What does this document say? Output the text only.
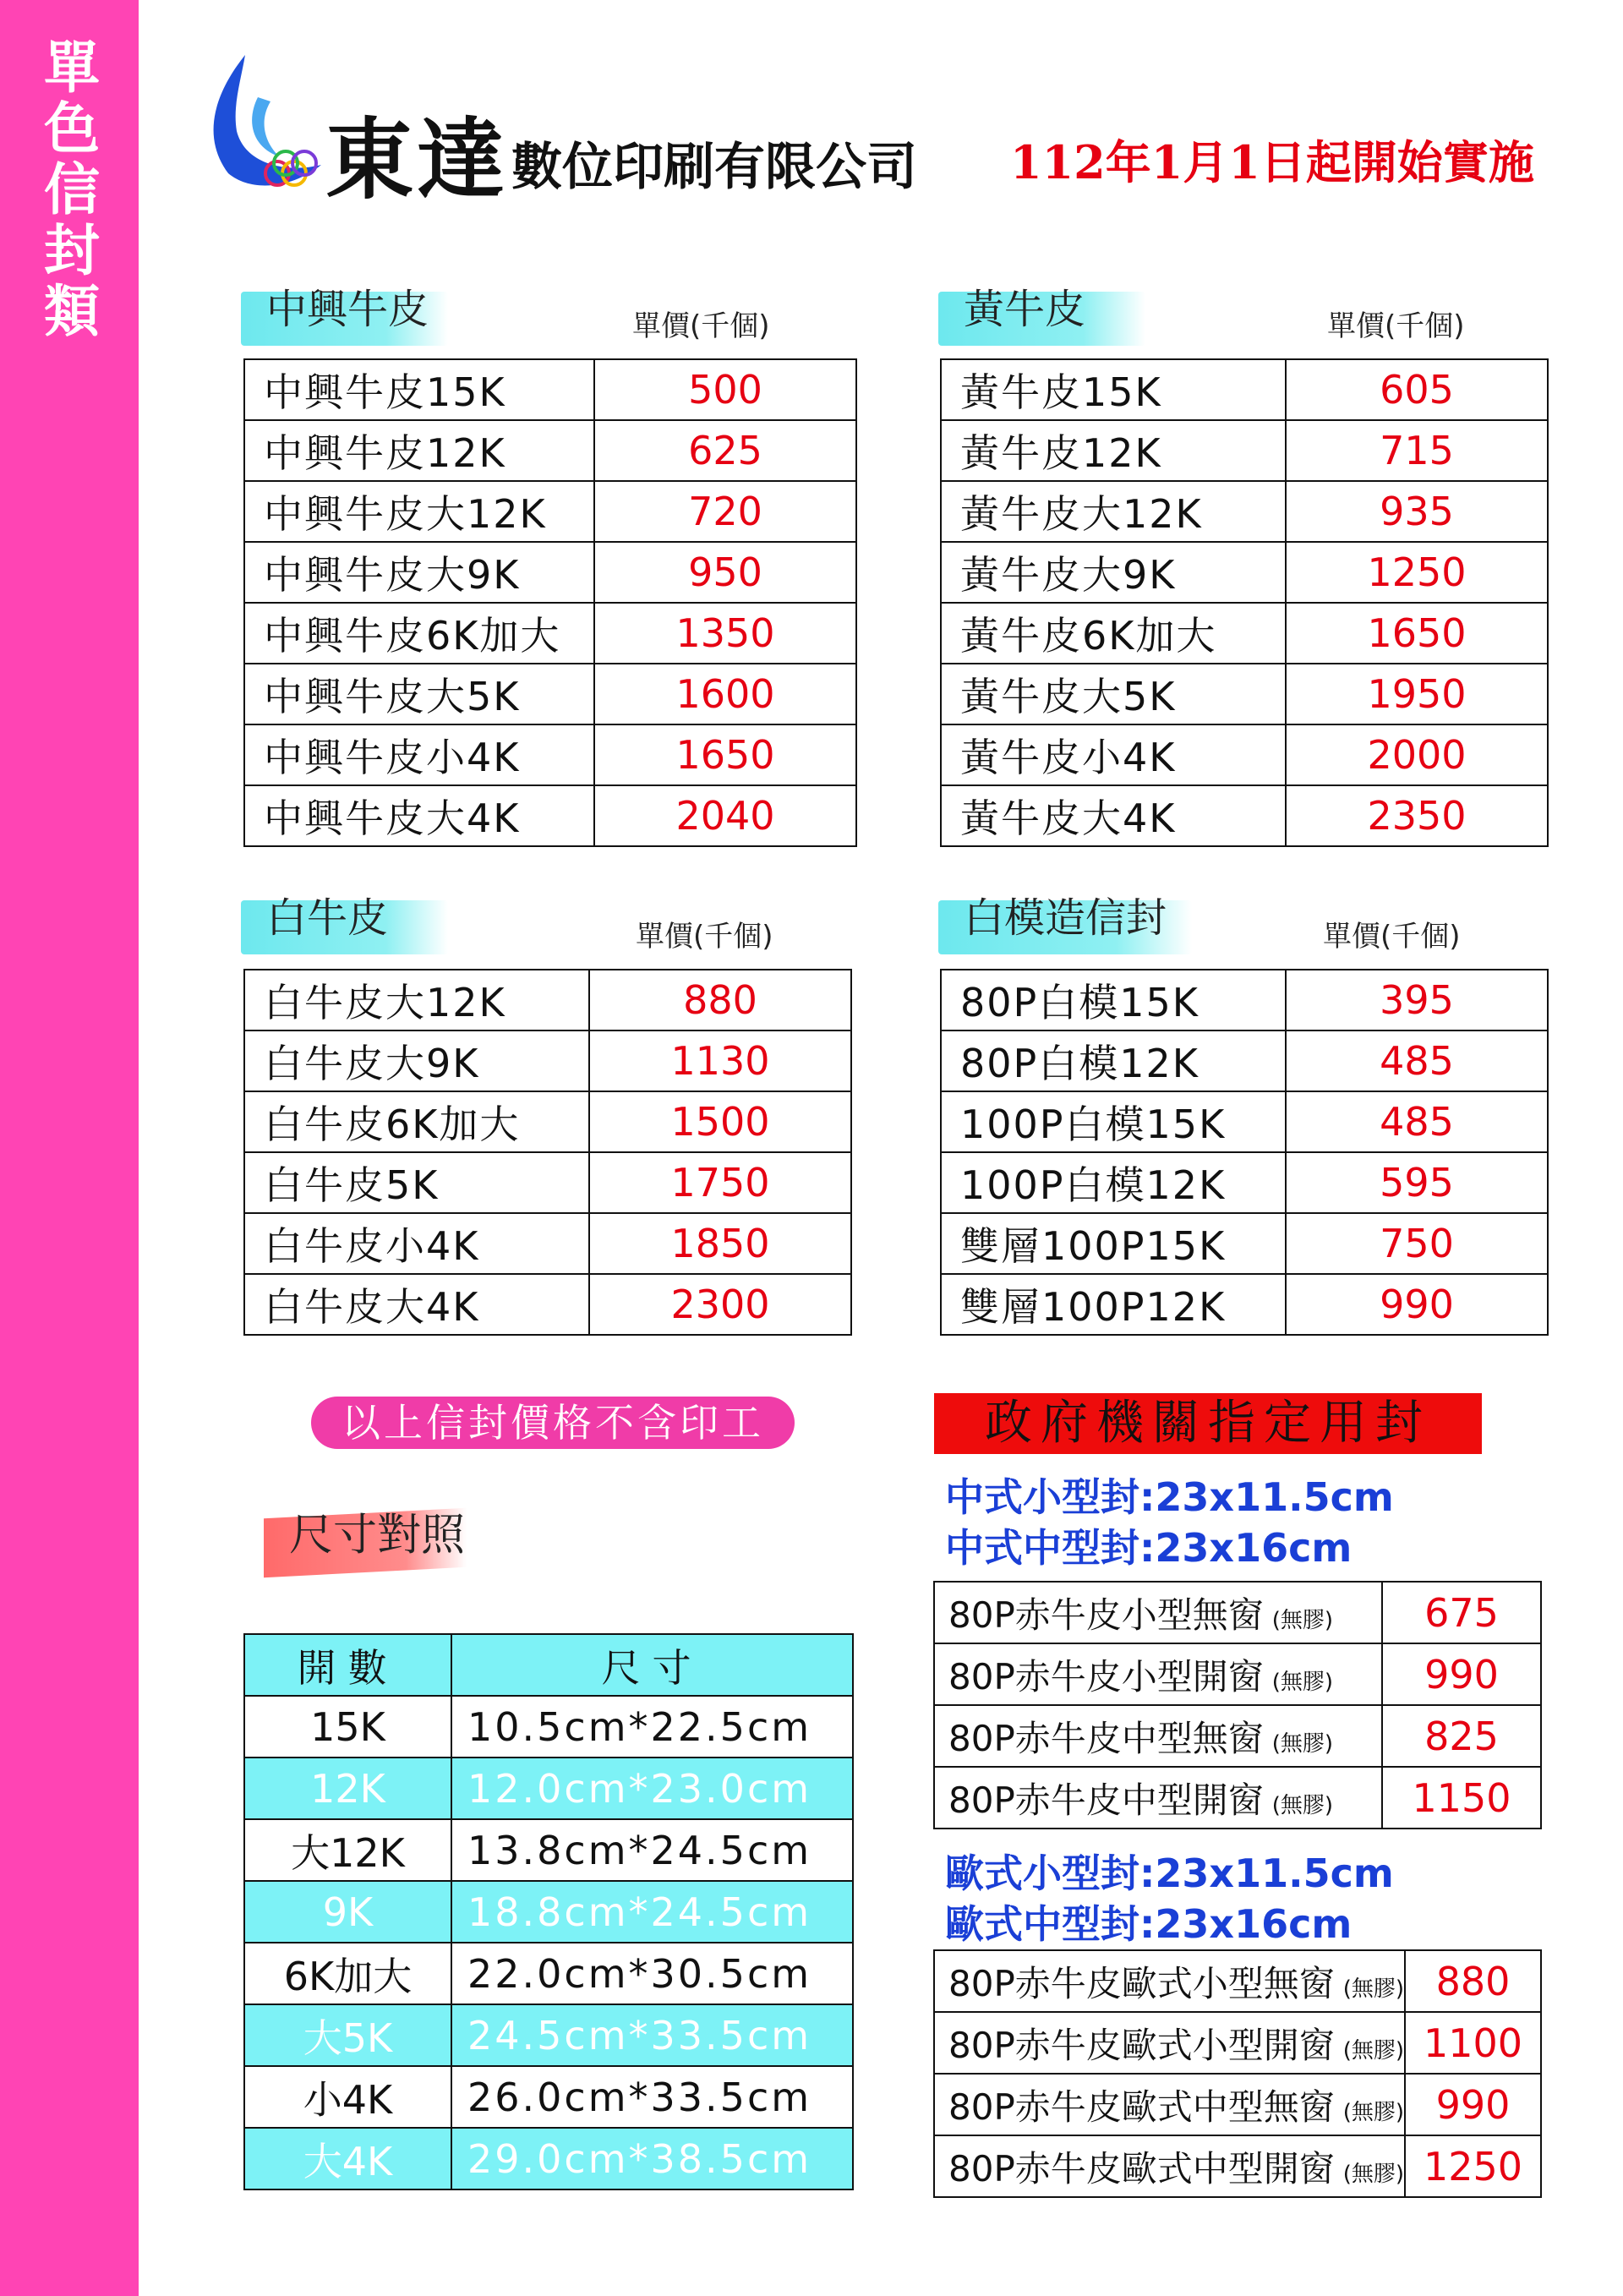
單色信封類
東達 數位印刷有限公司 112年1月1日起開始實施
中興牛皮	單價(千個)
中興牛皮15K	500
中興牛皮12K	625
中興牛皮大12K	720
中興牛皮大9K	950
中興牛皮6K加大	1350
中興牛皮大5K	1600
中興牛皮小4K	1650
中興牛皮大4K	2040
黃牛皮	單價(千個)
黃牛皮15K	605
黃牛皮12K	715
黃牛皮大12K	935
黃牛皮大9K	1250
黃牛皮6K加大	1650
黃牛皮大5K	1950
黃牛皮小4K	2000
黃牛皮大4K	2350
白牛皮	單價(千個)
白牛皮大12K	880
白牛皮大9K	1130
白牛皮6K加大	1500
白牛皮5K	1750
白牛皮小4K	1850
白牛皮大4K	2300
白模造信封	單價(千個)
80P白模15K	395
80P白模12K	485
100P白模15K	485
100P白模12K	595
雙層100P15K	750
雙層100P12K	990
以上信封價格不含印工	政府機關指定用封
中式小型封:23x11.5cm
中式中型封:23x16cm
80P赤牛皮小型無窗 (無膠)	675
80P赤牛皮小型開窗 (無膠)	990
80P赤牛皮中型無窗 (無膠)	825
80P赤牛皮中型開窗 (無膠)	1150
歐式小型封:23x11.5cm
歐式中型封:23x16cm
80P赤牛皮歐式小型無窗 (無膠)	880
80P赤牛皮歐式小型開窗 (無膠)	1100
80P赤牛皮歐式中型無窗 (無膠)	990
80P赤牛皮歐式中型開窗 (無膠)	1250
尺寸對照
開數	尺寸
15K	10.5cm*22.5cm
12K	12.0cm*23.0cm
大12K	13.8cm*24.5cm
9K	18.8cm*24.5cm
6K加大	22.0cm*30.5cm
大5K	24.5cm*33.5cm
小4K	26.0cm*33.5cm
大4K	29.0cm*38.5cm
